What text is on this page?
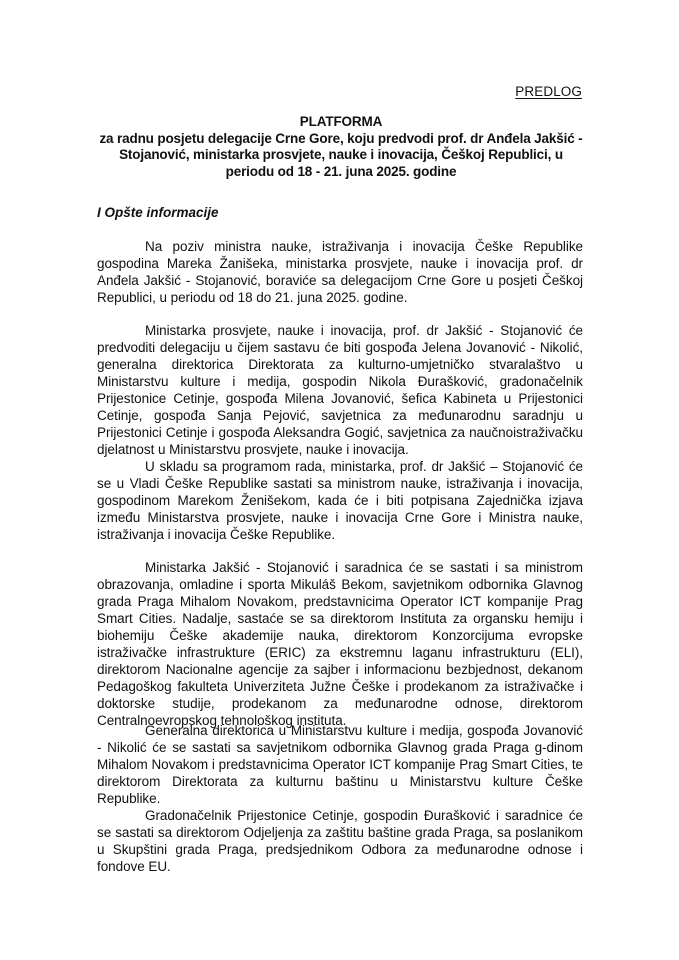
PREDLOG
PLATFORMA
za radnu posjetu delegacije Crne Gore, koju predvodi prof. dr Anđela Jakšić - Stojanović, ministarka prosvjete, nauke i inovacija, Češkoj Republici, u periodu od 18 - 21. juna 2025. godine
I Opšte informacije

Na poziv ministra nauke, istraživanja i inovacija Češke Republike gospodina Mareka Žanišeka, ministarka prosvjete, nauke i inovacija prof. dr Anđela Jakšić - Stojanović, boraviće sa delegacijom Crne Gore u posjeti Češkoj Republici, u periodu od 18 do 21. juna 2025. godine.

Ministarka prosvjete, nauke i inovacija, prof. dr Jakšić - Stojanović će predvoditi delegaciju u čijem sastavu će biti gospođa Jelena Jovanović - Nikolić, generalna direktorica Direktorata za kulturno-umjetničko stvaralaštvo u Ministarstvu kulture i medija, gospodin Nikola Đurašković, gradonačelnik Prijestonice Cetinje, gospođa Milena Jovanović, šefica Kabineta u Prijestonici Cetinje, gospođa Sanja Pejović, savjetnica za međunarodnu saradnju u Prijestonici Cetinje i gospođa Aleksandra Gogić, savjetnica za naučnoistraživačku djelatnost u Ministarstvu prosvjete, nauke i inovacija.

U skladu sa programom rada, ministarka, prof. dr Jakšić – Stojanović će se u Vladi Češke Republike sastati sa ministrom nauke, istraživanja i inovacija, gospodinom Marekom Ženišekom, kada će i biti potpisana Zajednička izjava između Ministarstva prosvjete, nauke i inovacija Crne Gore i Ministra nauke, istraživanja i inovacija Češke Republike.

Ministarka Jakšić - Stojanović i saradnica će se sastati i sa ministrom obrazovanja, omladine i sporta Mikuláš Bekom, savjetnikom odbornika Glavnog grada Praga Mihalom Novakom, predstavnicima Operator ICT kompanije Prag Smart Cities. Nadalje, sastaće se sa direktorom Instituta za organsku hemiju i biohemiju Češke akademije nauka, direktorom Konzorcijuma evropske istraživačke infrastrukture (ERIC) za ekstremnu laganu infrastrukturu (ELI), direktorom Nacionalne agencije za sajber i informacionu bezbjednost, dekanom Pedagoškog fakulteta Univerziteta Južne Češke i prodekanom za istraživačke i doktorske studije, prodekanom za međunarodne odnose, direktorom Centralnoevropskog tehnološkog instituta.

Generalna direktorica u Ministarstvu kulture i medija, gospođa Jovanović - Nikolić će se sastati sa savjetnikom odbornika Glavnog grada Praga g-dinom Mihalom Novakom i predstavnicima Operator ICT kompanije Prag Smart Cities, te direktorom Direktorata za kulturnu baštinu u Ministarstvu kulture Češke Republike.

Gradonačelnik Prijestonice Cetinje, gospodin Đurašković i saradnice će se sastati sa direktorom Odjeljenja za zaštitu baštine grada Praga, sa poslanikom u Skupštini grada Praga, predsjednikom Odbora za međunarodne odnose i fondove EU.
